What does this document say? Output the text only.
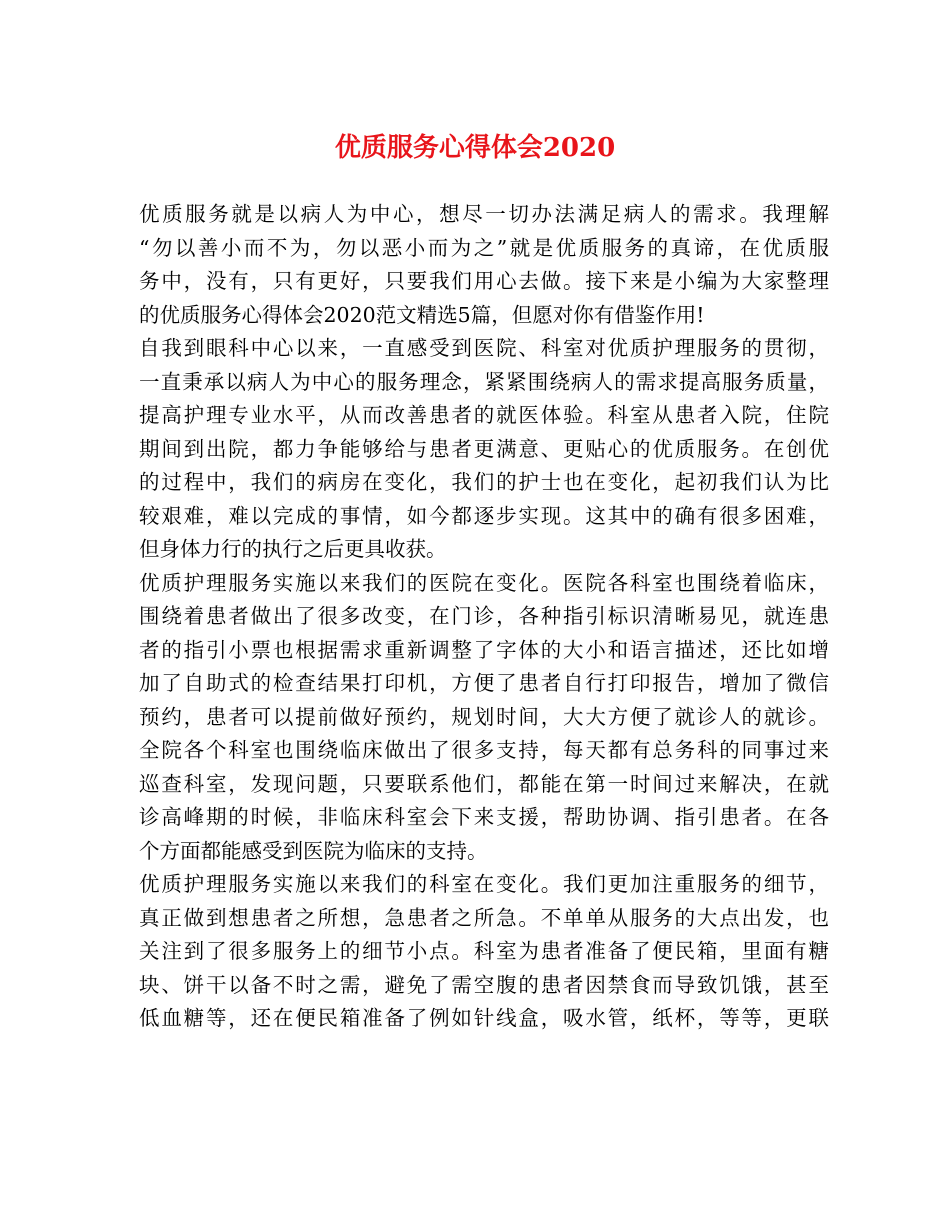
优质服务心得体会2020
优质服务就是以病人为中心，想尽一切办法满足病人的需求。我理解
“勿以善小而不为，勿以恶小而为之”就是优质服务的真谛，在优质服
务中，没有，只有更好，只要我们用心去做。接下来是小编为大家整理
的优质服务心得体会2020范文精选5篇，但愿对你有借鉴作用!
自我到眼科中心以来，一直感受到医院、科室对优质护理服务的贯彻，
一直秉承以病人为中心的服务理念，紧紧围绕病人的需求提高服务质量，
提高护理专业水平，从而改善患者的就医体验。科室从患者入院，住院
期间到出院，都力争能够给与患者更满意、更贴心的优质服务。在创优
的过程中，我们的病房在变化，我们的护士也在变化，起初我们认为比
较艰难，难以完成的事情，如今都逐步实现。这其中的确有很多困难，
但身体力行的执行之后更具收获。
优质护理服务实施以来我们的医院在变化。医院各科室也围绕着临床，
围绕着患者做出了很多改变，在门诊，各种指引标识清晰易见，就连患
者的指引小票也根据需求重新调整了字体的大小和语言描述，还比如增
加了自助式的检查结果打印机，方便了患者自行打印报告，增加了微信
预约，患者可以提前做好预约，规划时间，大大方便了就诊人的就诊。
全院各个科室也围绕临床做出了很多支持，每天都有总务科的同事过来
巡查科室，发现问题，只要联系他们，都能在第一时间过来解决，在就
诊高峰期的时候，非临床科室会下来支援，帮助协调、指引患者。在各
个方面都能感受到医院为临床的支持。
优质护理服务实施以来我们的科室在变化。我们更加注重服务的细节，
真正做到想患者之所想，急患者之所急。不单单从服务的大点出发，也
关注到了很多服务上的细节小点。科室为患者准备了便民箱，里面有糖
块、饼干以备不时之需，避免了需空腹的患者因禁食而导致饥饿，甚至
低血糖等，还在便民箱准备了例如针线盒，吸水管，纸杯，等等，更联
